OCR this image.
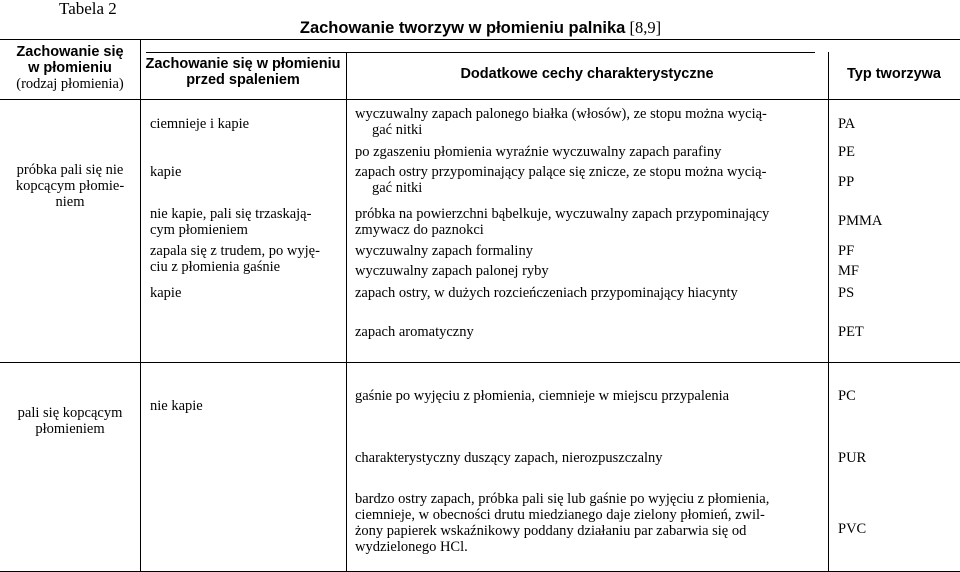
Tabela 2
Zachowanie się
w płomieniu
(rodzaj płomienia)
Zachowanie tworzyw w płomieniu palnika [8,9]
Zachowanie się w płomieniu
przed spaleniem	Dodatkowe cechy charakterystyczne	Typ tworzywa
próbka pali się nie
kopcącym płomie-
niem
ciemnieje i kapie
kapie
nie kapie, pali się trzaskają-
cym płomieniem
zapala się z trudem, po wyję-
ciu z płomienia gaśnie
kapie
wyczuwalny zapach palonego białka (włosów), ze stopu można wycią-
gać nitki
po zgaszeniu płomienia wyraźnie wyczuwalny zapach parafiny
zapach ostry przypominający palące się znicze, ze stopu można wycią-
gać nitki
próbka na powierzchni bąbelkuje, wyczuwalny zapach przypominający
zmywacz do paznokci
wyczuwalny zapach formaliny
wyczuwalny zapach palonej ryby
zapach ostry, w dużych rozcieńczeniach przypominający hiacynty
zapach aromatyczny
PA
PE
PP
PMMA
PF
MF
PS
PET
pali się kopcącym
płomieniem
nie kapie
gaśnie po wyjęciu z płomienia, ciemnieje w miejscu przypalenia
charakterystyczny duszący zapach, nierozpuszczalny
bardzo ostry zapach, próbka pali się lub gaśnie po wyjęciu z płomienia,
ciemnieje, w obecności drutu miedzianego daje zielony płomień, zwil-
żony papierek wskaźnikowy poddany działaniu par zabarwia się od
wydzielonego HCl.
PC
PUR
PVC
